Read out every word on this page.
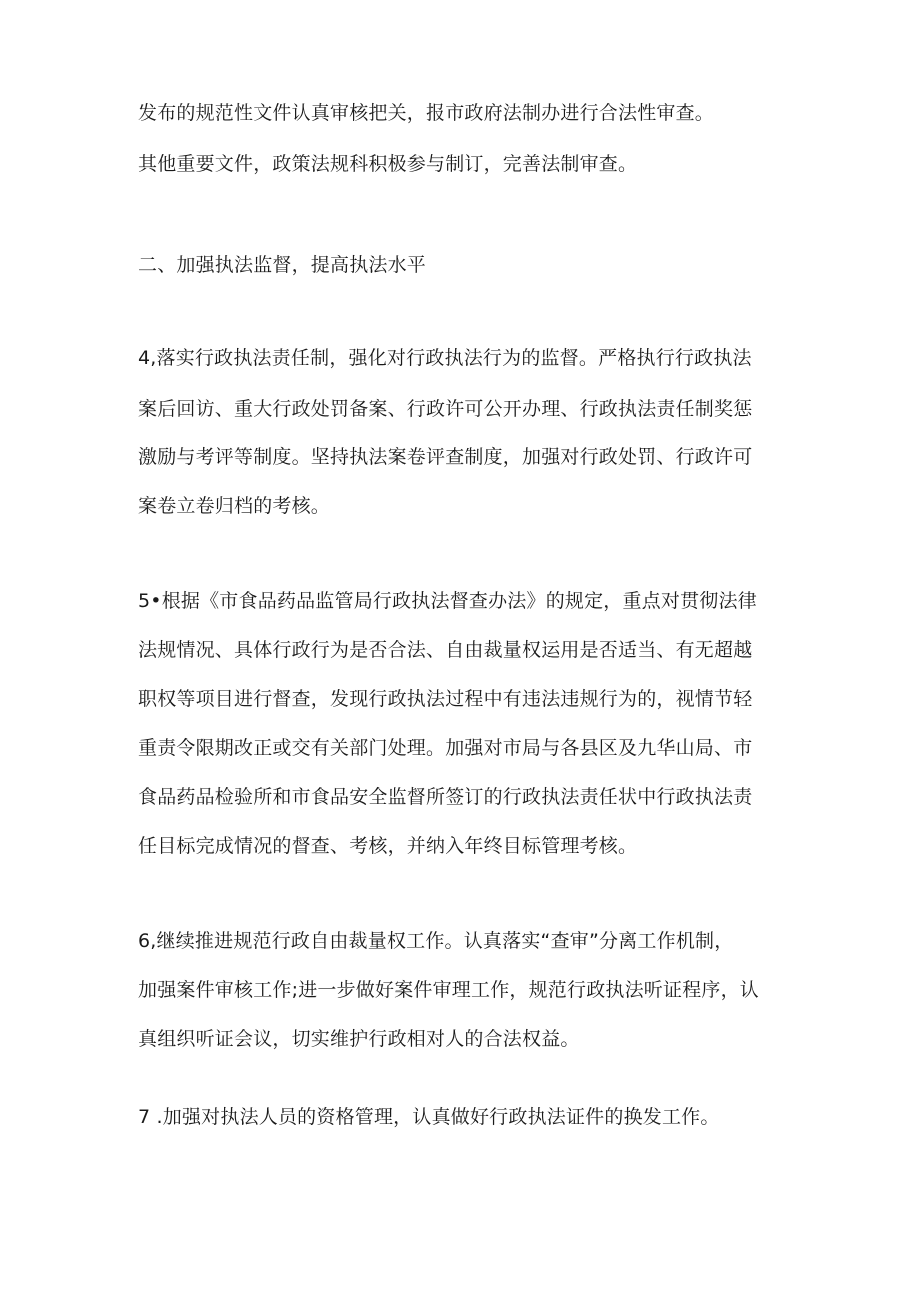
发布的规范性文件认真审核把关，报市政府法制办进行合法性审查。
其他重要文件，政策法规科积极参与制订，完善法制审查。
二、加强执法监督，提高执法水平
4,落实行政执法责任制，强化对行政执法行为的监督。严格执行行政执法
案后回访、重大行政处罚备案、行政许可公开办理、行政执法责任制奖惩
激励与考评等制度。坚持执法案卷评查制度，加强对行政处罚、行政许可
案卷立卷归档的考核。
5•根据《市食品药品监管局行政执法督查办法》的规定，重点对贯彻法律
法规情况、具体行政行为是否合法、自由裁量权运用是否适当、有无超越
职权等项目进行督查，发现行政执法过程中有违法违规行为的，视情节轻
重责令限期改正或交有关部门处理。加强对市局与各县区及九华山局、市
食品药品检验所和市食品安全监督所签订的行政执法责任状中行政执法责
任目标完成情况的督查、考核，并纳入年终目标管理考核。
6,继续推进规范行政自由裁量权工作。认真落实“查审”分离工作机制，
加强案件审核工作;进一步做好案件审理工作，规范行政执法听证程序，认
真组织听证会议，切实维护行政相对人的合法权益。
7 .加强对执法人员的资格管理，认真做好行政执法证件的换发工作。
